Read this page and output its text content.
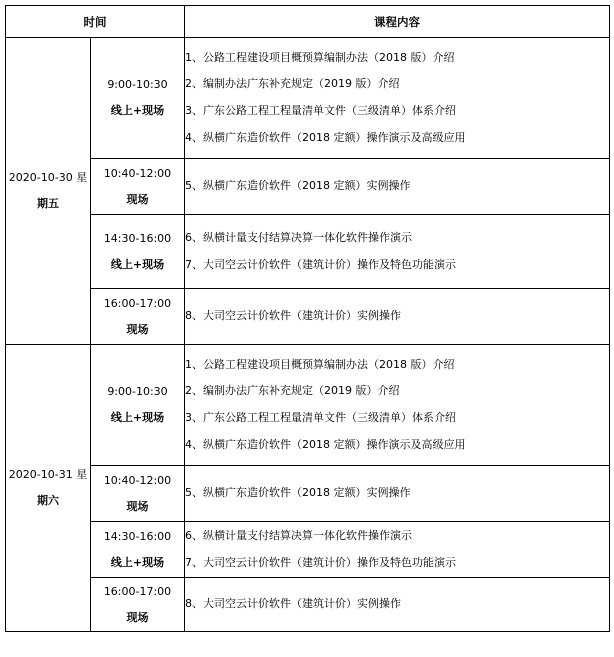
时间		课程内容
2020-10-30 星
期五	9:00-10:30
线上+现场	1、公路工程建设项目概预算编制办法（2018 版）介绍
2、编制办法广东补充规定（2019 版）介绍
3、广东公路工程工程量清单文件（三级清单）体系介绍
4、纵横广东造价软件（2018 定额）操作演示及高级应用

	10:40-12:00
现场	5、纵横广东造价软件（2018 定额）实例操作

	14:30-16:00
线上+现场	6、纵横计量支付结算决算一体化软件操作演示
7、大司空云计价软件（建筑计价）操作及特色功能演示

	16:00-17:00
现场	8、大司空云计价软件（建筑计价）实例操作

2020-10-31 星
期六	9:00-10:30
线上+现场	1、公路工程建设项目概预算编制办法（2018 版）介绍
2、编制办法广东补充规定（2019 版）介绍
3、广东公路工程工程量清单文件（三级清单）体系介绍
4、纵横广东造价软件（2018 定额）操作演示及高级应用

	10:40-12:00
现场	5、纵横广东造价软件（2018 定额）实例操作

	14:30-16:00
线上+现场	6、纵横计量支付结算决算一体化软件操作演示
7、大司空云计价软件（建筑计价）操作及特色功能演示

	16:00-17:00
现场	8、大司空云计价软件（建筑计价）实例操作
